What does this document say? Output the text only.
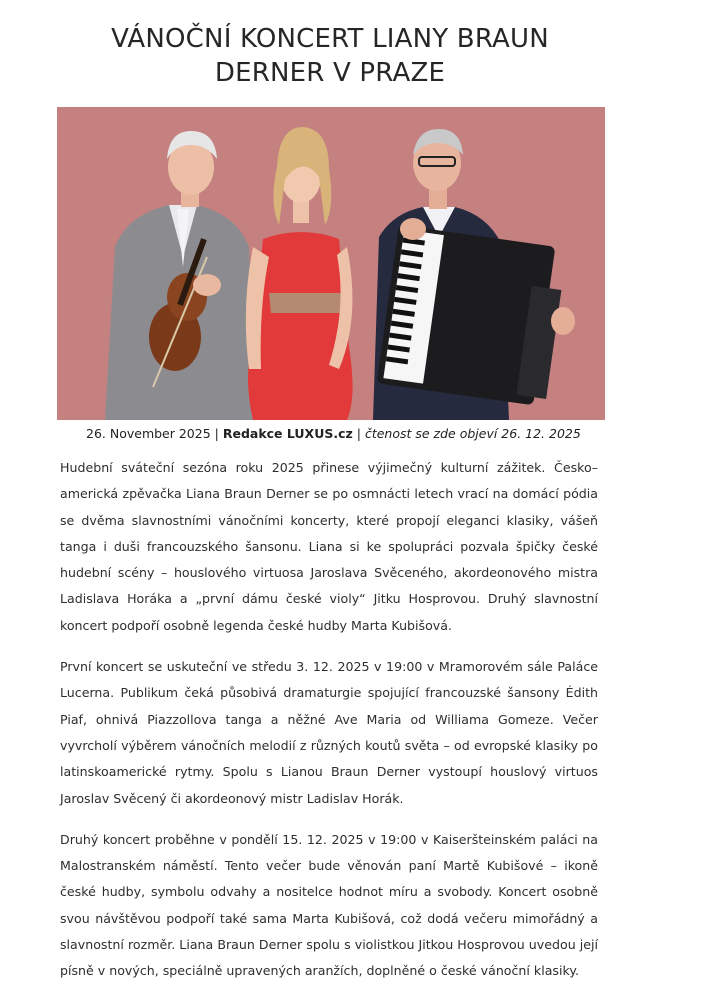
VÁNOČNÍ KONCERT LIANY BRAUN DERNER V PRAZE
26. November 2025 | Redakce LUXUS.cz | čtenost se zde objeví 26. 12. 2025

Hudební sváteční sezóna roku 2025 přinese výjimečný kulturní zážitek. Česko–americká zpěvačka Liana Braun Derner se po osmnácti letech vrací na domácí pódia se dvěma slavnostními vánočními koncerty, které propojí eleganci klasiky, vášeň tanga i duši francouzského šansonu. Liana si ke spolupráci pozvala špičky české hudební scény – houslového virtuosa Jaroslava Svěceného, akordeonového mistra Ladislava Horáka a „první dámu české violy“ Jitku Hosprovou. Druhý slavnostní koncert podpoří osobně legenda české hudby Marta Kubišová.

První koncert se uskuteční ve středu 3. 12. 2025 v 19:00 v Mramorovém sále Paláce Lucerna. Publikum čeká působivá dramaturgie spojující francouzské šansony Édith Piaf, ohnivá Piazzollova tanga a něžné Ave Maria od Williama Gomeze. Večer vyvrcholí výběrem vánočních melodií z různých koutů světa – od evropské klasiky po latinskoamerické rytmy. Spolu s Lianou Braun Derner vystoupí houslový virtuos Jaroslav Svěcený či akordeonový mistr Ladislav Horák.

Druhý koncert proběhne v pondělí 15. 12. 2025 v 19:00 v Kaiseršteinském paláci na Malostranském náměstí. Tento večer bude věnován paní Martě Kubišové – ikoně české hudby, symbolu odvahy a nositelce hodnot míru a svobody. Koncert osobně svou návštěvou podpoří také sama Marta Kubišová, což dodá večeru mimořádný a slavnostní rozměr. Liana Braun Derner spolu s violistkou Jitkou Hosprovou uvedou její písně v nových, speciálně upravených aranžích, doplněné o české vánoční klasiky.
